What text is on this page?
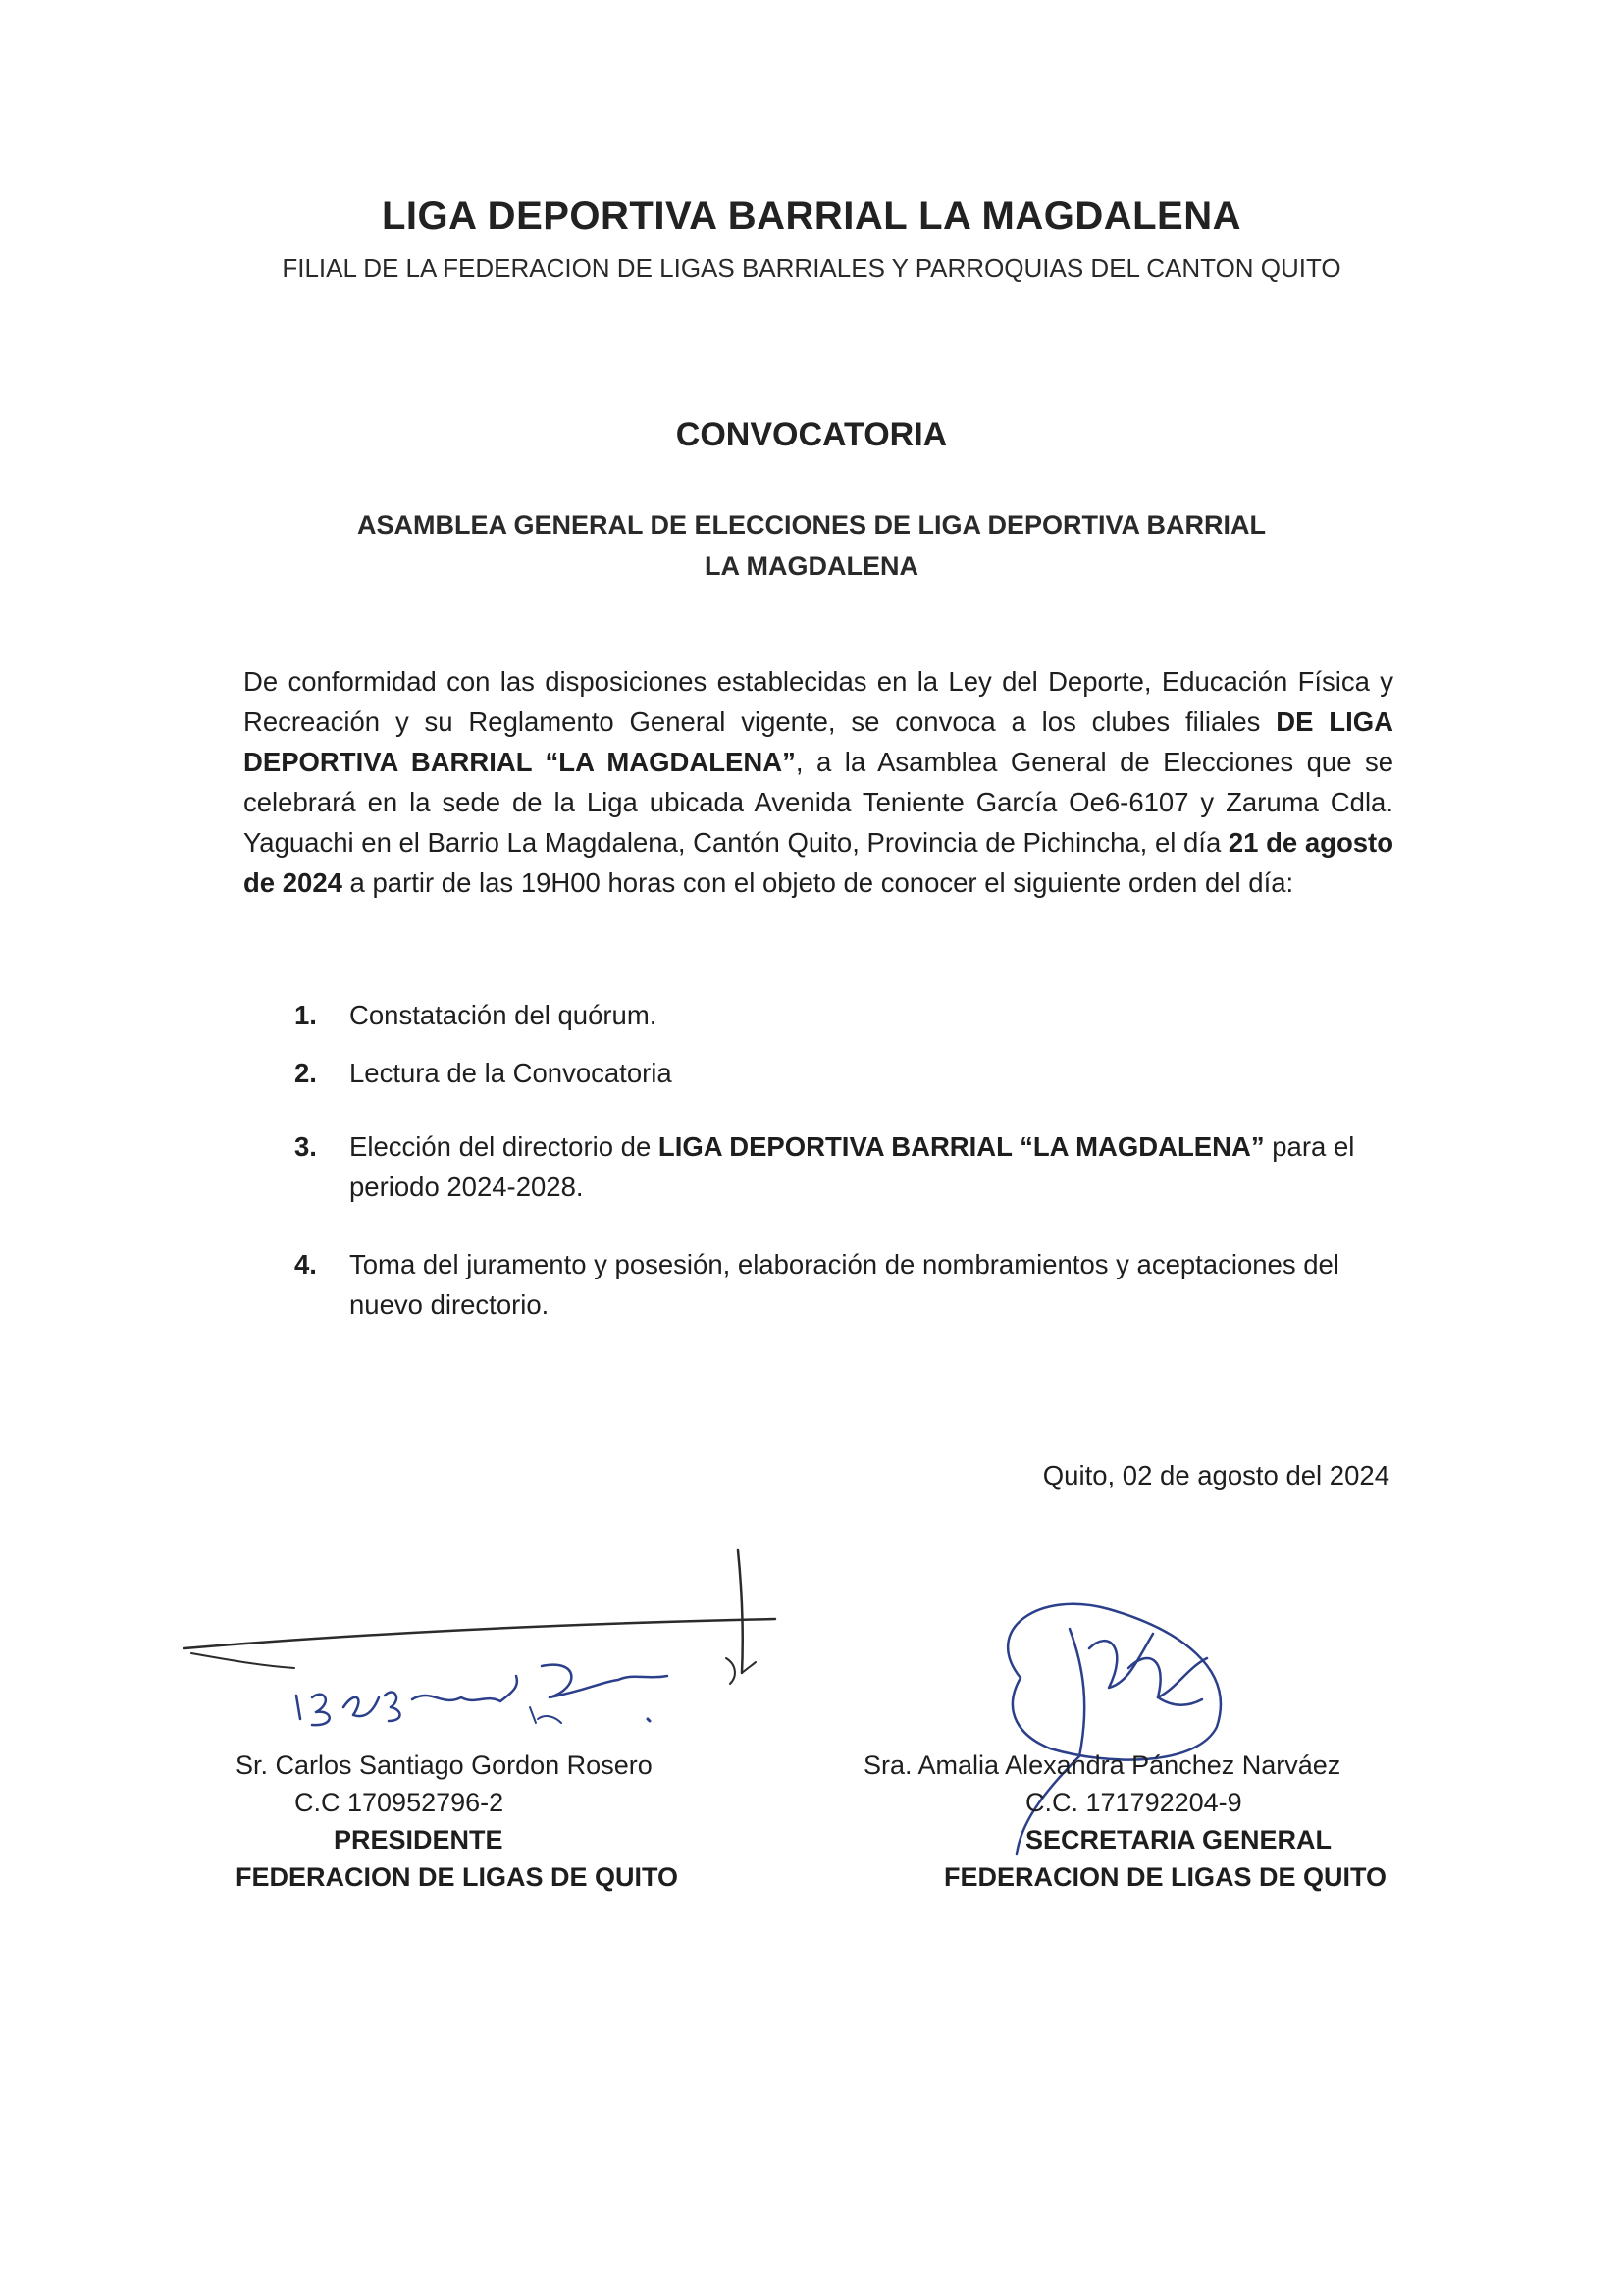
LIGA DEPORTIVA BARRIAL LA MAGDALENA
FILIAL DE LA FEDERACION DE LIGAS BARRIALES Y PARROQUIAS DEL CANTON QUITO
CONVOCATORIA
ASAMBLEA GENERAL DE ELECCIONES DE LIGA DEPORTIVA BARRIAL
LA MAGDALENA
De conformidad con las disposiciones establecidas en la Ley del Deporte, Educación Física y Recreación y su Reglamento General vigente, se convoca a los clubes filiales DE LIGA DEPORTIVA BARRIAL “LA MAGDALENA”, a la Asamblea General de Elecciones que se celebrará en la sede de la Liga ubicada Avenida Teniente García Oe6-6107 y Zaruma Cdla. Yaguachi en el Barrio La Magdalena, Cantón Quito, Provincia de Pichincha, el día 21 de agosto de 2024 a partir de las 19H00 horas con el objeto de conocer el siguiente orden del día:
1. Constatación del quórum.
2. Lectura de la Convocatoria
3. Elección del directorio de LIGA DEPORTIVA BARRIAL “LA MAGDALENA” para el periodo 2024-2028.
4. Toma del juramento y posesión, elaboración de nombramientos y aceptaciones del nuevo directorio.
Quito, 02 de agosto del 2024
Sr. Carlos Santiago Gordon Rosero
C.C 170952796-2
PRESIDENTE
FEDERACION DE LIGAS DE QUITO
Sra. Amalia Alexandra Pánchez Narváez
C.C. 171792204-9
SECRETARIA GENERAL
FEDERACION DE LIGAS DE QUITO
